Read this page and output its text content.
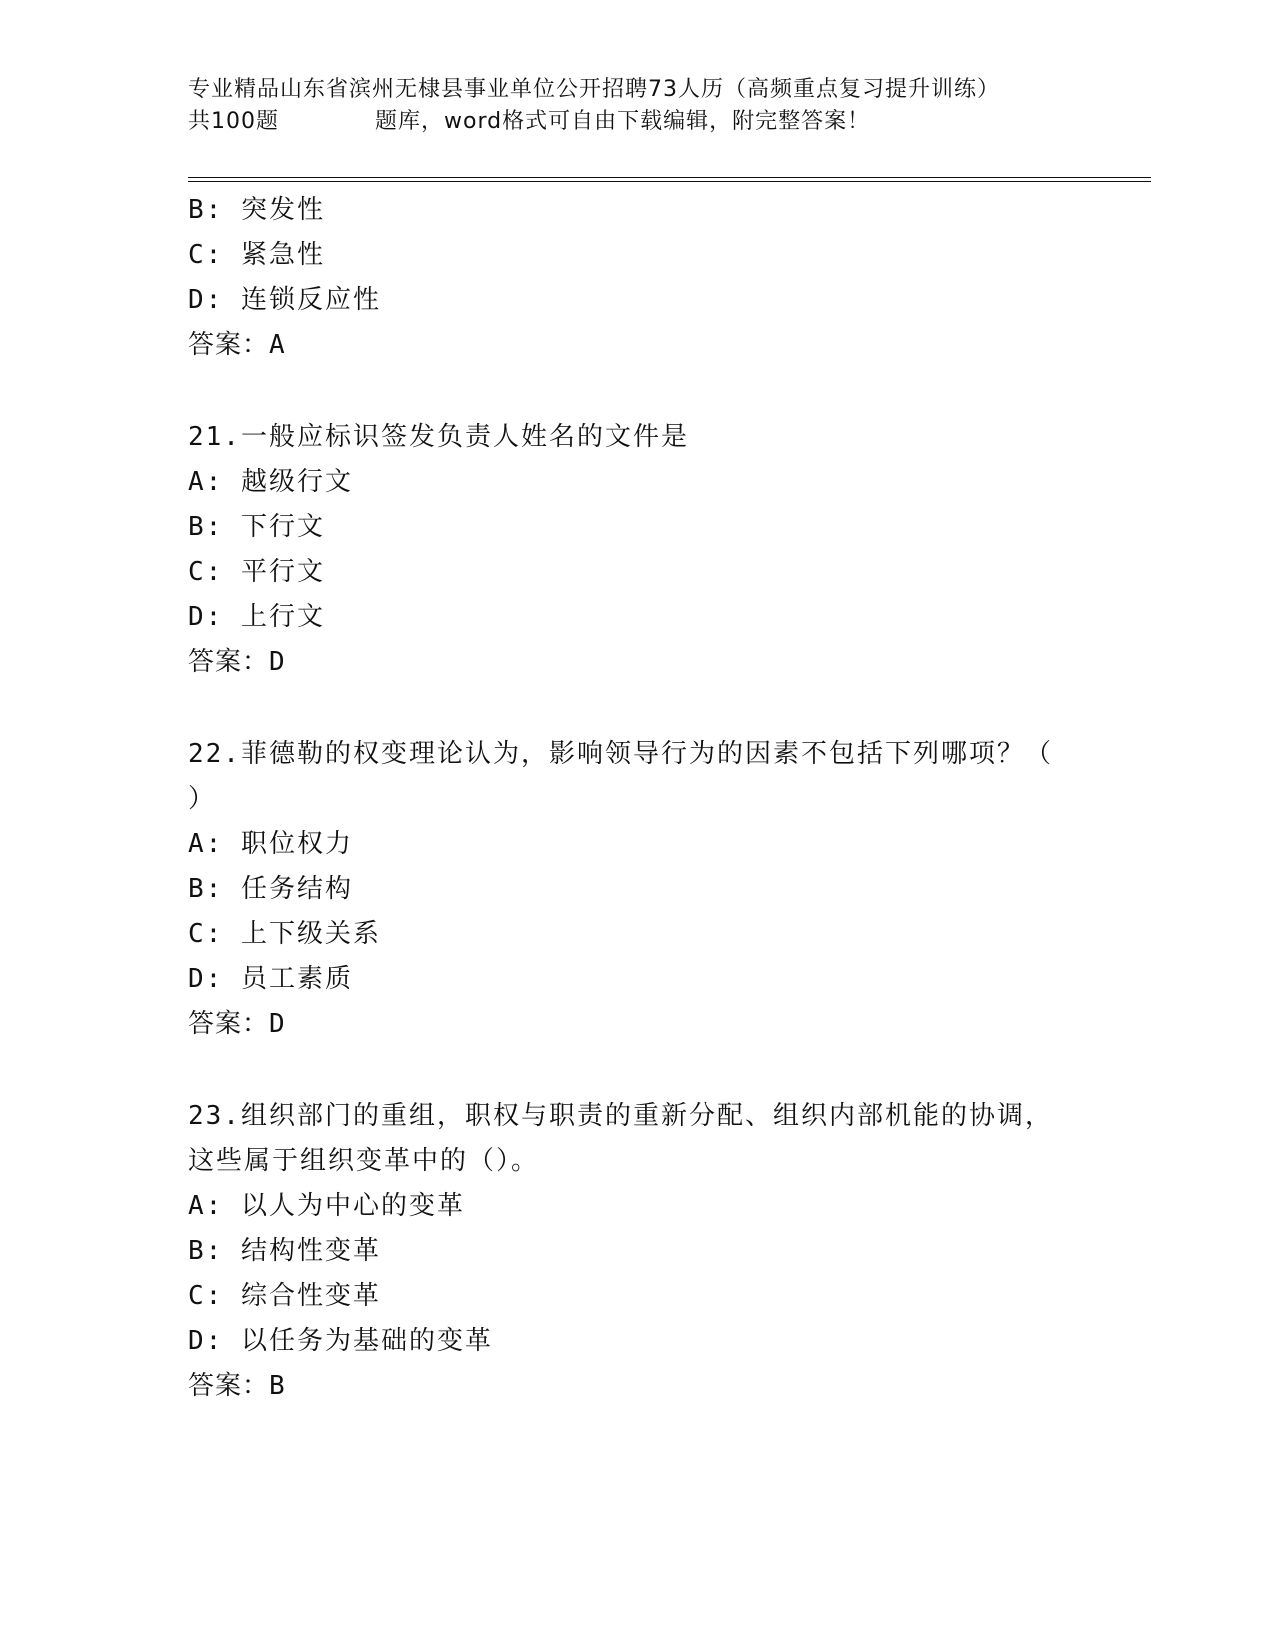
专业精品山东省滨州无棣县事业单位公开招聘73人历（高频重点复习提升训练）
共100题	题库，word格式可自由下载编辑，附完整答案！
B: 突发性
C: 紧急性
D: 连锁反应性
答案：A
21.一般应标识签发负责人姓名的文件是
A: 越级行文
B: 下行文
C: 平行文
D: 上行文
答案：D
22.菲德勒的权变理论认为，影响领导行为的因素不包括下列哪项？（
）
A: 职位权力
B: 任务结构
C: 上下级关系
D: 员工素质
答案：D
23.组织部门的重组，职权与职责的重新分配、组织内部机能的协调，
这些属于组织变革中的（）。
A: 以人为中心的变革
B: 结构性变革
C: 综合性变革
D: 以任务为基础的变革
答案：B
